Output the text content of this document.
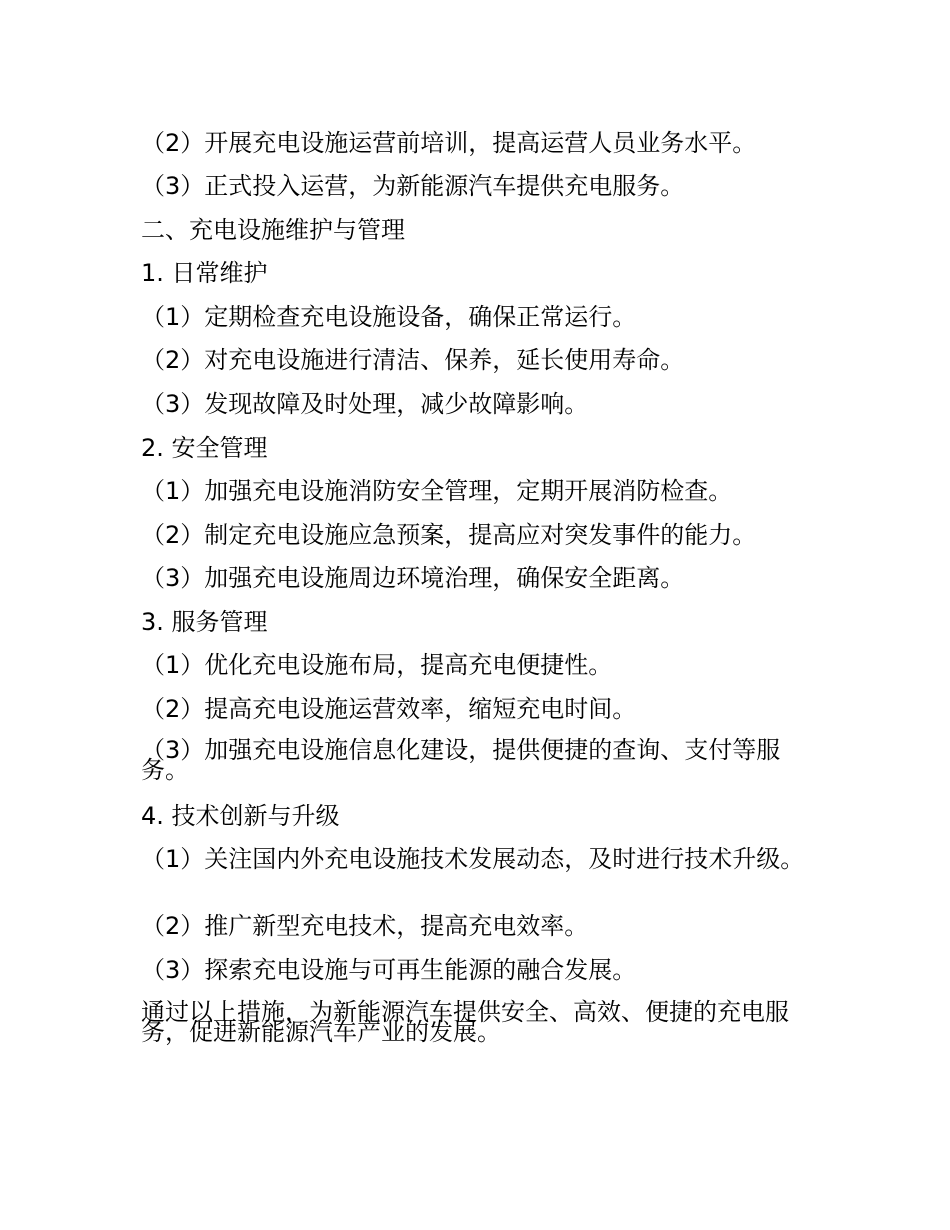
（2）开展充电设施运营前培训，提高运营人员业务水平。
（3）正式投入运营，为新能源汽车提供充电服务。
二、充电设施维护与管理
1. 日常维护
（1）定期检查充电设施设备，确保正常运行。
（2）对充电设施进行清洁、保养，延长使用寿命。
（3）发现故障及时处理，减少故障影响。
2. 安全管理
（1）加强充电设施消防安全管理，定期开展消防检查。
（2）制定充电设施应急预案，提高应对突发事件的能力。
（3）加强充电设施周边环境治理，确保安全距离。
3. 服务管理
（1）优化充电设施布局，提高充电便捷性。
（2）提高充电设施运营效率，缩短充电时间。
（3）加强充电设施信息化建设，提供便捷的查询、支付等服务。
4. 技术创新与升级
（1）关注国内外充电设施技术发展动态，及时进行技术升级。
（2）推广新型充电技术，提高充电效率。
（3）探索充电设施与可再生能源的融合发展。
通过以上措施，为新能源汽车提供安全、高效、便捷的充电服务，促进新能源汽车产业的发展。
